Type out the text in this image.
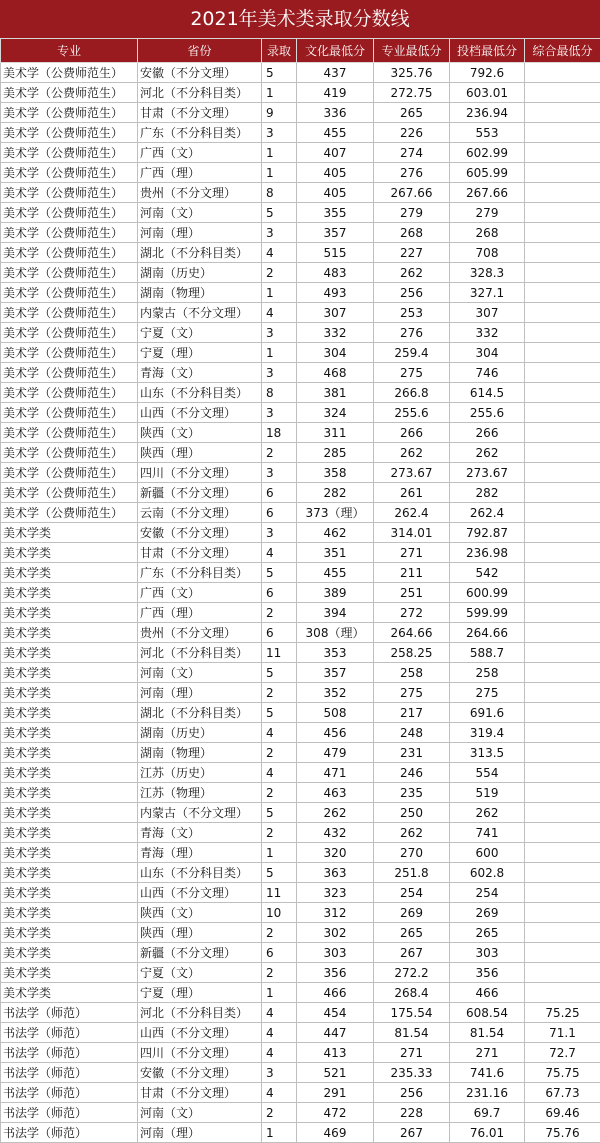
2021年美术类录取分数线
专业	省份	录取	文化最低分	专业最低分	投档最低分	综合最低分
美术学（公费师范生）	安徽（不分文理）	5	437	325.76	792.6	
美术学（公费师范生）	河北（不分科目类）	1	419	272.75	603.01	
美术学（公费师范生）	甘肃（不分文理）	9	336	265	236.94	
美术学（公费师范生）	广东（不分科目类）	3	455	226	553	
美术学（公费师范生）	广西（文）	1	407	274	602.99	
美术学（公费师范生）	广西（理）	1	405	276	605.99	
美术学（公费师范生）	贵州（不分文理）	8	405	267.66	267.66	
美术学（公费师范生）	河南（文）	5	355	279	279	
美术学（公费师范生）	河南（理）	3	357	268	268	
美术学（公费师范生）	湖北（不分科目类）	4	515	227	708	
美术学（公费师范生）	湖南（历史）	2	483	262	328.3	
美术学（公费师范生）	湖南（物理）	1	493	256	327.1	
美术学（公费师范生）	内蒙古（不分文理）	4	307	253	307	
美术学（公费师范生）	宁夏（文）	3	332	276	332	
美术学（公费师范生）	宁夏（理）	1	304	259.4	304	
美术学（公费师范生）	青海（文）	3	468	275	746	
美术学（公费师范生）	山东（不分科目类）	8	381	266.8	614.5	
美术学（公费师范生）	山西（不分文理）	3	324	255.6	255.6	
美术学（公费师范生）	陕西（文）	18	311	266	266	
美术学（公费师范生）	陕西（理）	2	285	262	262	
美术学（公费师范生）	四川（不分文理）	3	358	273.67	273.67	
美术学（公费师范生）	新疆（不分文理）	6	282	261	282	
美术学（公费师范生）	云南（不分文理）	6	373（理）	262.4	262.4	
美术学类	安徽（不分文理）	3	462	314.01	792.87	
美术学类	甘肃（不分文理）	4	351	271	236.98	
美术学类	广东（不分科目类）	5	455	211	542	
美术学类	广西（文）	6	389	251	600.99	
美术学类	广西（理）	2	394	272	599.99	
美术学类	贵州（不分文理）	6	308（理）	264.66	264.66	
美术学类	河北（不分科目类）	11	353	258.25	588.7	
美术学类	河南（文）	5	357	258	258	
美术学类	河南（理）	2	352	275	275	
美术学类	湖北（不分科目类）	5	508	217	691.6	
美术学类	湖南（历史）	4	456	248	319.4	
美术学类	湖南（物理）	2	479	231	313.5	
美术学类	江苏（历史）	4	471	246	554	
美术学类	江苏（物理）	2	463	235	519	
美术学类	内蒙古（不分文理）	5	262	250	262	
美术学类	青海（文）	2	432	262	741	
美术学类	青海（理）	1	320	270	600	
美术学类	山东（不分科目类）	5	363	251.8	602.8	
美术学类	山西（不分文理）	11	323	254	254	
美术学类	陕西（文）	10	312	269	269	
美术学类	陕西（理）	2	302	265	265	
美术学类	新疆（不分文理）	6	303	267	303	
美术学类	宁夏（文）	2	356	272.2	356	
美术学类	宁夏（理）	1	466	268.4	466	
书法学（师范）	河北（不分科目类）	4	454	175.54	608.54	75.25
书法学（师范）	山西（不分文理）	4	447	81.54	81.54	71.1
书法学（师范）	四川（不分文理）	4	413	271	271	72.7
书法学（师范）	安徽（不分文理）	3	521	235.33	741.6	75.75
书法学（师范）	甘肃（不分文理）	4	291	256	231.16	67.73
书法学（师范）	河南（文）	2	472	228	69.7	69.46
书法学（师范）	河南（理）	1	469	267	76.01	75.76
